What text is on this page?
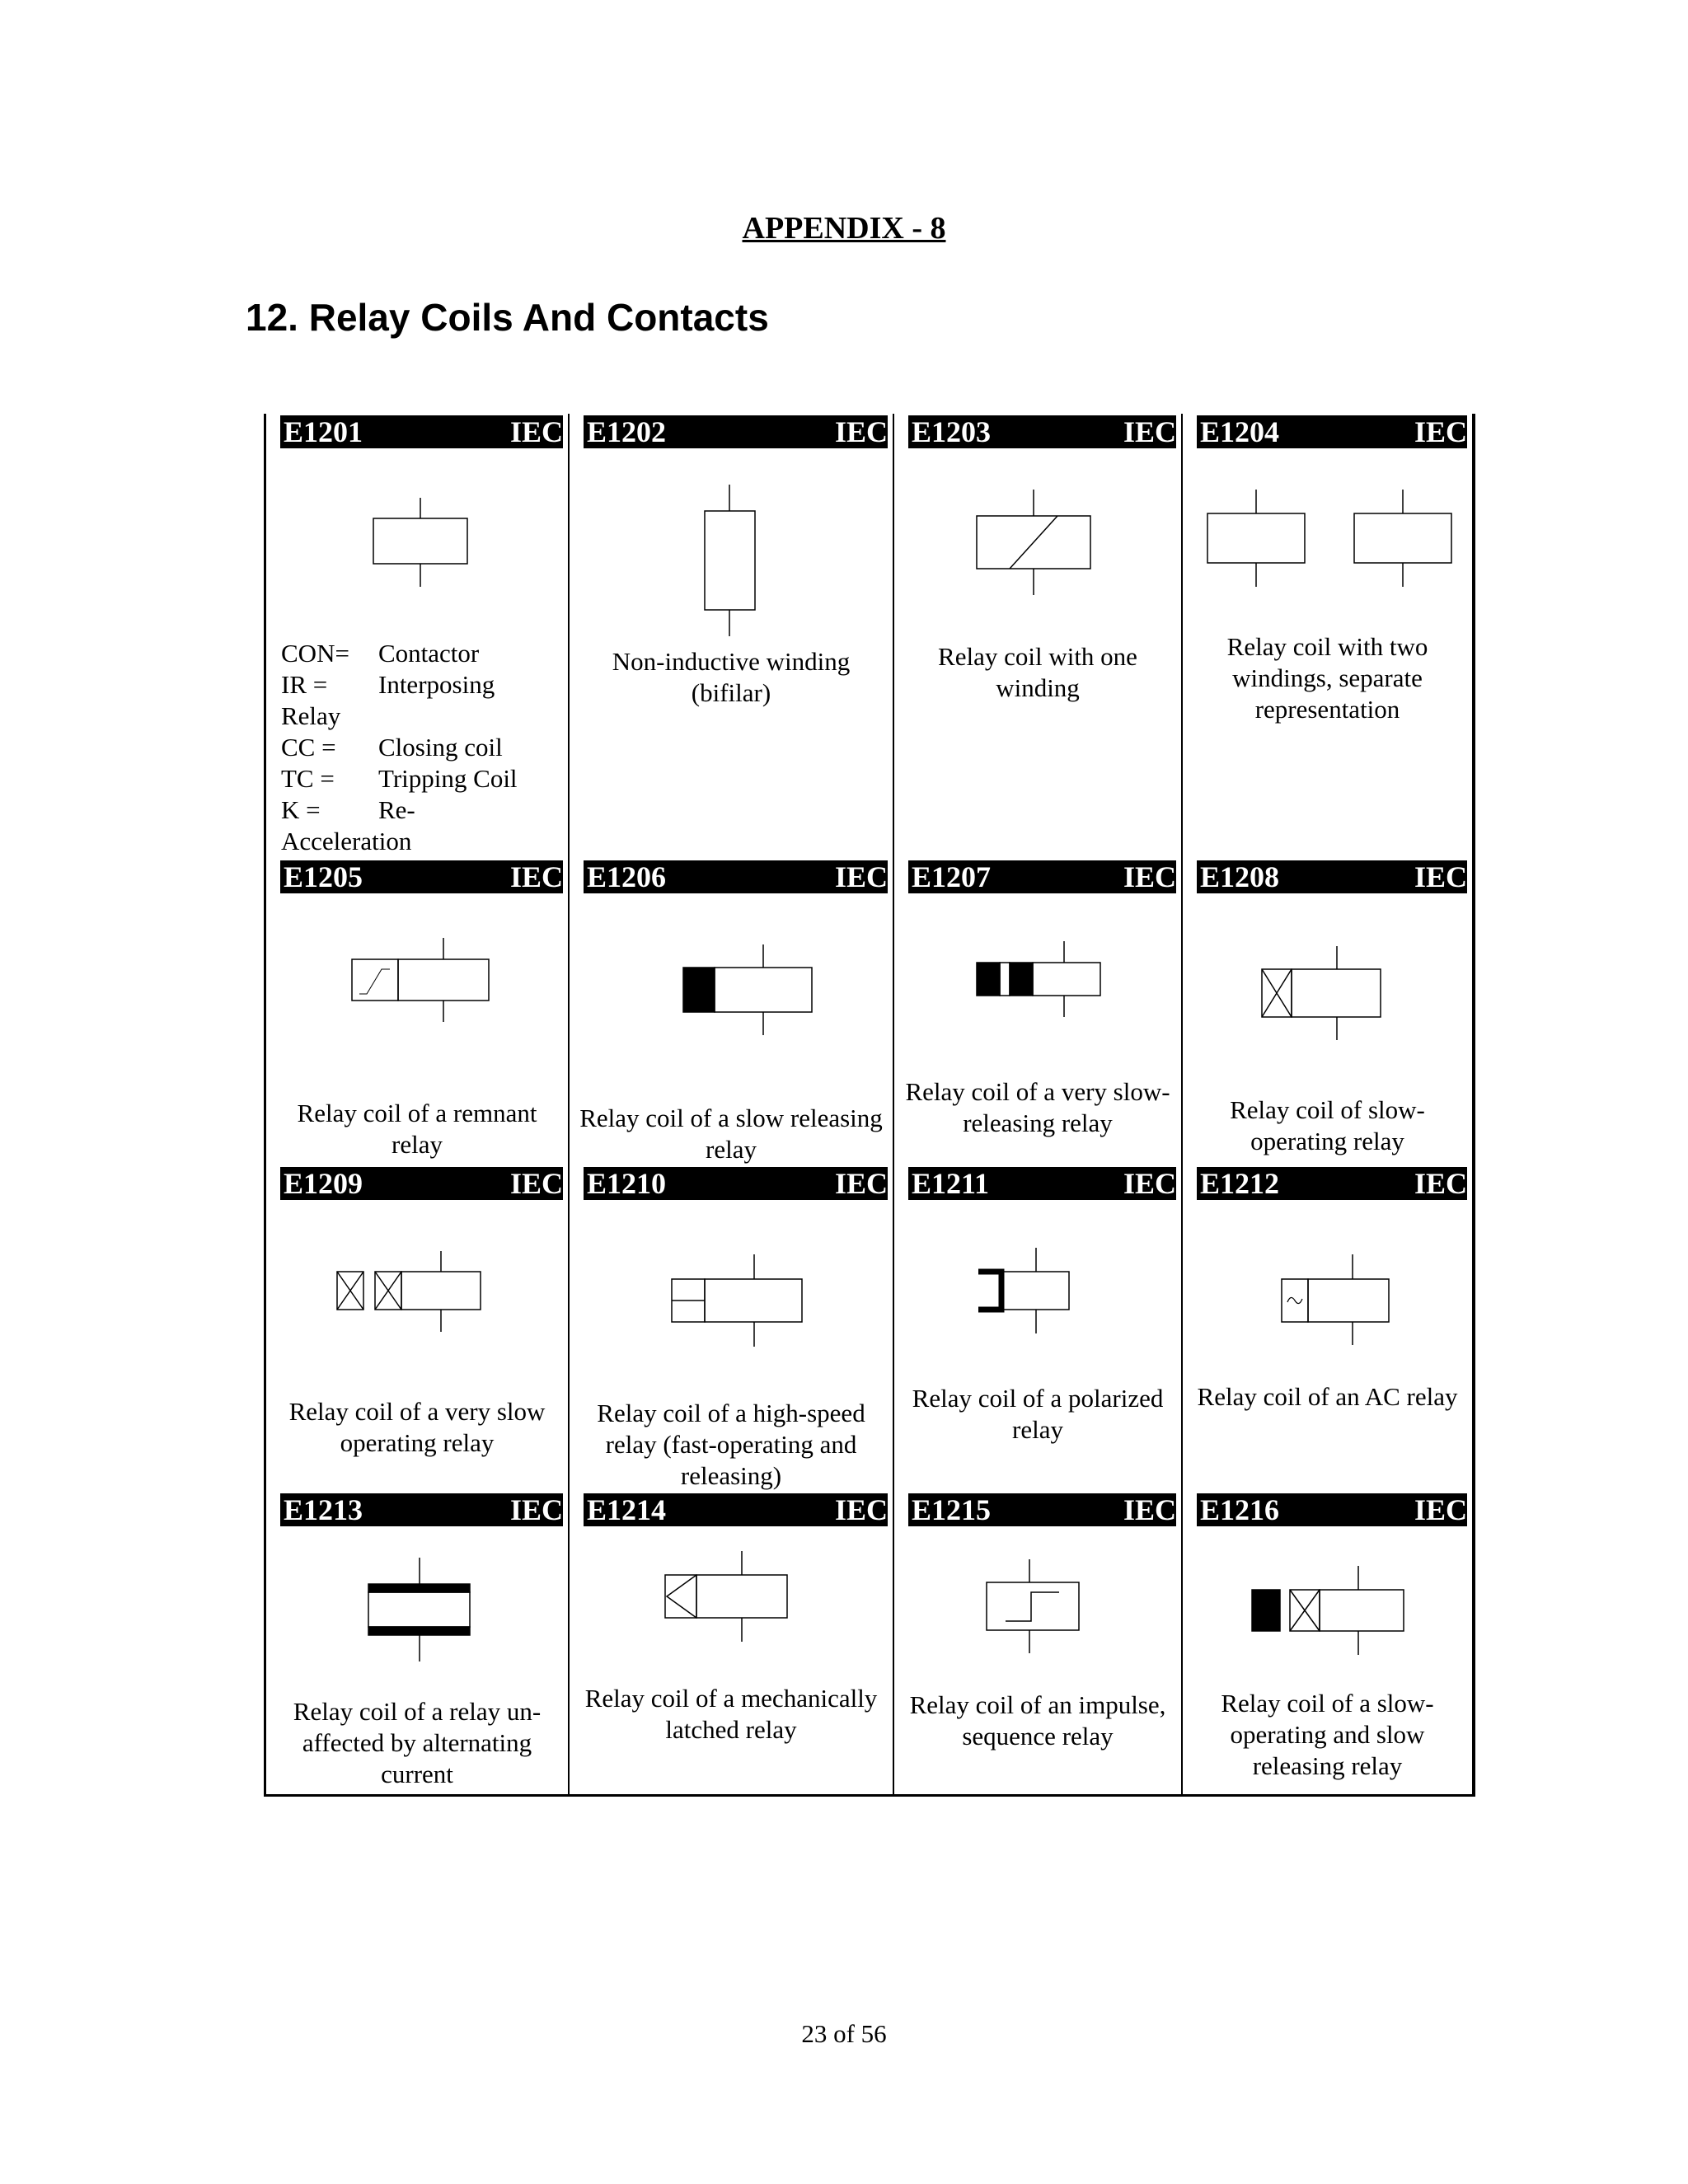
APPENDIX - 8
12. Relay Coils And Contacts
E1201	IEC
CON= Contactor
IR = Interposing
Relay
CC = Closing coil
TC = Tripping Coil
K = Re-
Acceleration
E1202	IEC
Non-inductive winding (bifilar)
E1203	IEC
Relay coil with one winding
E1204	IEC
Relay coil with two windings, separate representation
E1205	IEC
Relay coil of a remnant relay
E1206	IEC
Relay coil of a slow releasing relay
E1207	IEC
Relay coil of a very slow-releasing relay
E1208	IEC
Relay coil of slow-operating relay
E1209	IEC
Relay coil of a very slow operating relay
E1210	IEC
Relay coil of a high-speed relay (fast-operating and releasing)
E1211	IEC
Relay coil of a polarized relay
E1212	IEC
Relay coil of an AC relay
E1213	IEC
Relay coil of a relay un-affected by alternating current
E1214	IEC
Relay coil of a mechanically latched relay
E1215	IEC
Relay coil of an impulse, sequence relay
E1216	IEC
Relay coil of a slow-operating and slow releasing relay
23 of 56
